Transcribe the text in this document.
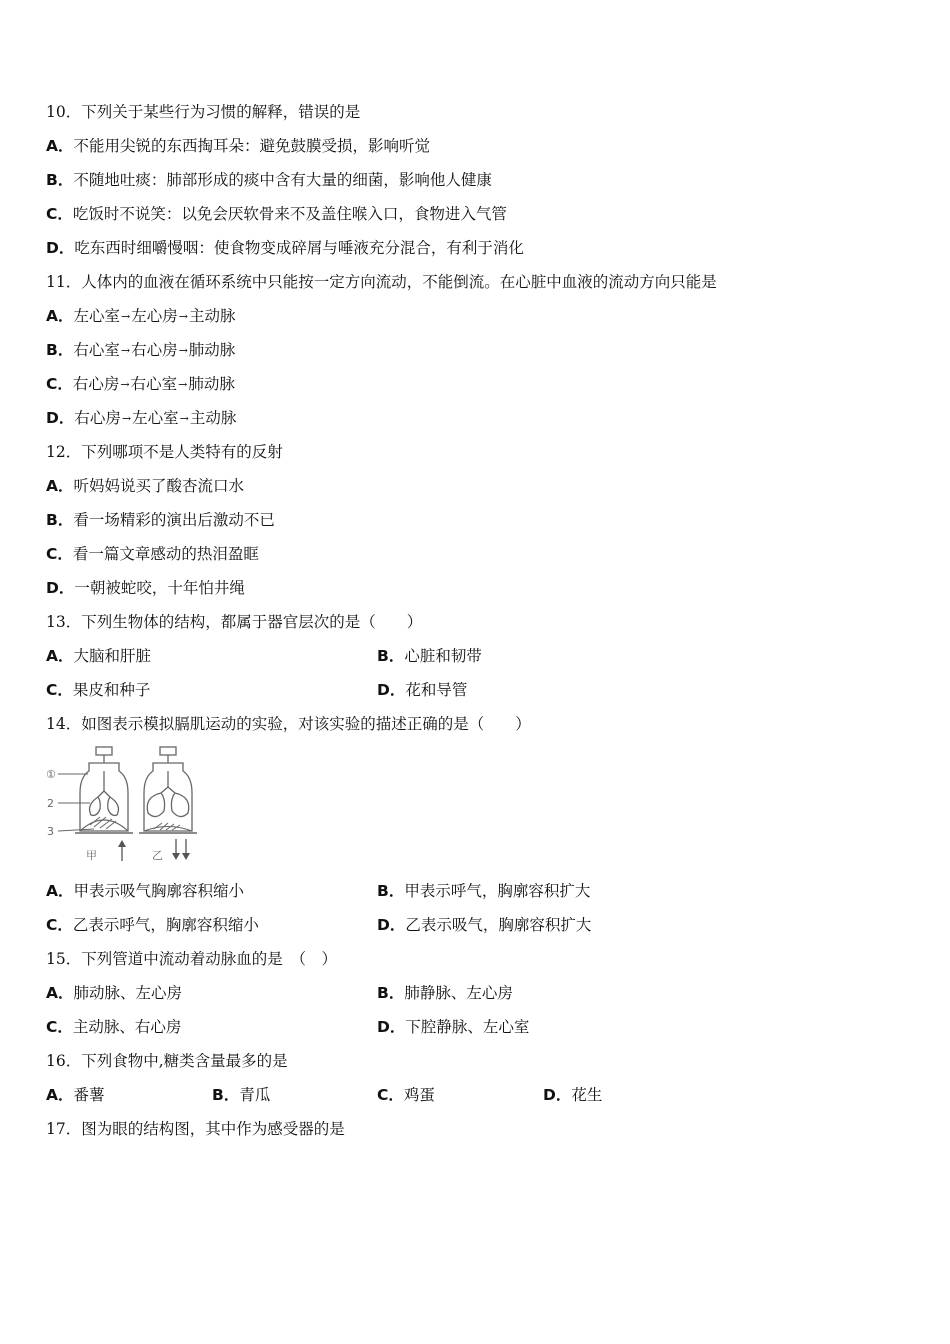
10．下列关于某些行为习惯的解释，错误的是
A．不能用尖锐的东西掏耳朵：避免鼓膜受损，影响听觉
B．不随地吐痰：肺部形成的痰中含有大量的细菌，影响他人健康
C．吃饭时不说笑：以免会厌软骨来不及盖住喉入口，食物进入气管
D．吃东西时细嚼慢咽：使食物变成碎屑与唾液充分混合，有利于消化
11．人体内的血液在循环系统中只能按一定方向流动，不能倒流。在心脏中血液的流动方向只能是
A．左心室→左心房→主动脉
B．右心室→右心房→肺动脉
C．右心房→右心室→肺动脉
D．右心房→左心室→主动脉
12．下列哪项不是人类特有的反射
A．听妈妈说买了酸杏流口水
B．看一场精彩的演出后激动不已
C．看一篇文章感动的热泪盈眶
D．一朝被蛇咬，十年怕井绳
13．下列生物体的结构，都属于器官层次的是（　　）
A．大脑和肝脏	B．心脏和韧带
C．果皮和种子	D．花和导管
14．如图表示模拟膈肌运动的实验，对该实验的描述正确的是（　　）
①
2
3
甲	乙
A．甲表示吸气胸廓容积缩小	B．甲表示呼气，胸廓容积扩大
C．乙表示呼气，胸廓容积缩小	D．乙表示吸气，胸廓容积扩大
15．下列管道中流动着动脉血的是　（　）
A．肺动脉、左心房	B．肺静脉、左心房
C．主动脉、右心房	D．下腔静脉、左心室
16．下列食物中,糖类含量最多的是
A．番薯	B．青瓜	C．鸡蛋	D．花生
17．图为眼的结构图，其中作为感受器的是
